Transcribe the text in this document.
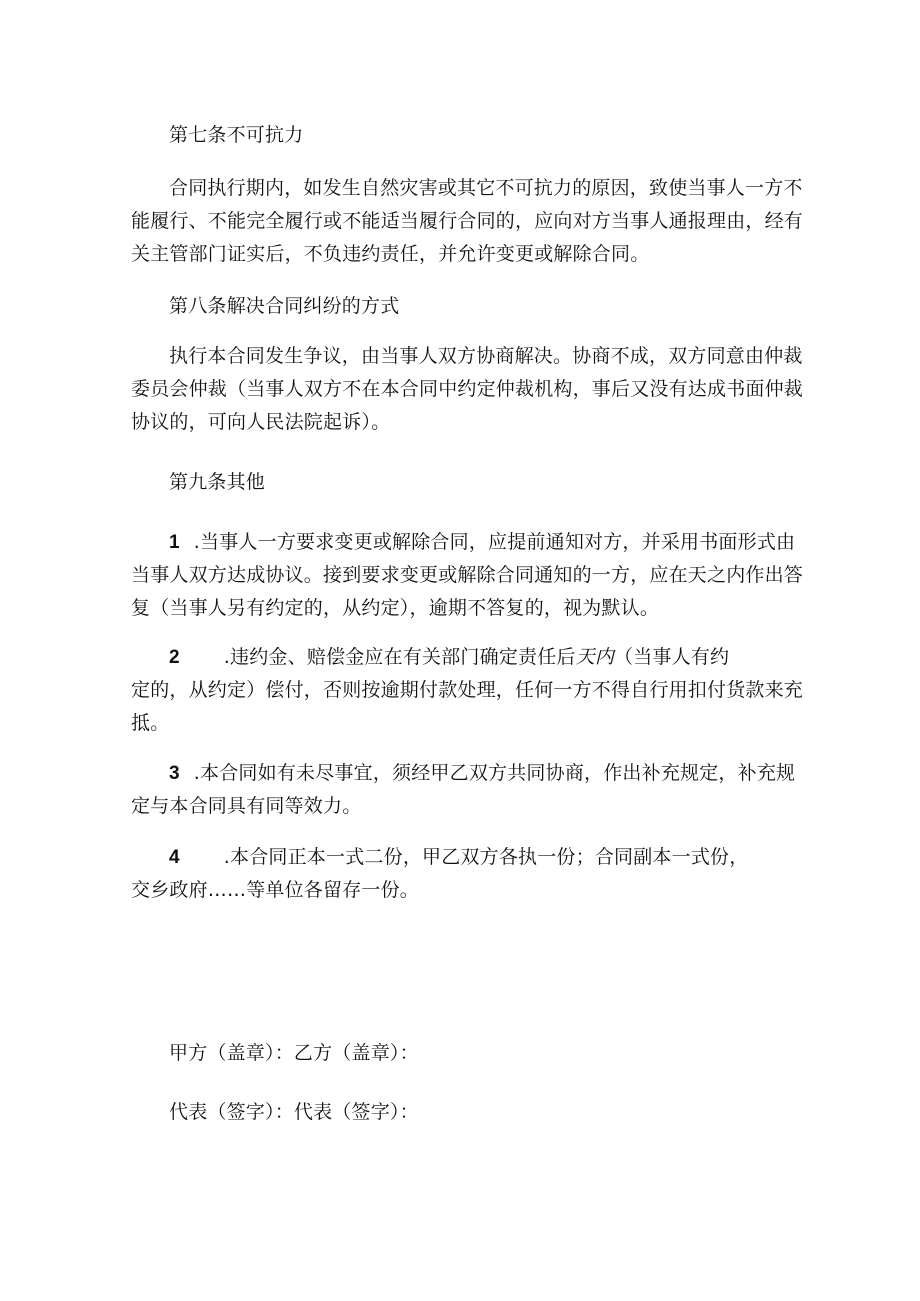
第七条不可抗力
合同执行期内，如发生自然灾害或其它不可抗力的原因，致使当事人一方不
能履行、不能完全履行或不能适当履行合同的，应向对方当事人通报理由，经有
关主管部门证实后，不负违约责任，并允许变更或解除合同。
第八条解决合同纠纷的方式
执行本合同发生争议，由当事人双方协商解决。协商不成，双方同意由仲裁
委员会仲裁（当事人双方不在本合同中约定仲裁机构，事后又没有达成书面仲裁
协议的，可向人民法院起诉）。
第九条其他
1 .当事人一方要求变更或解除合同，应提前通知对方，并采用书面形式由
当事人双方达成协议。接到要求变更或解除合同通知的一方，应在天之内作出答
复（当事人另有约定的，从约定），逾期不答复的，视为默认。
2 .违约金、赔偿金应在有关部门确定责任后天内（当事人有约
定的，从约定）偿付，否则按逾期付款处理，任何一方不得自行用扣付货款来充
抵。
3 .本合同如有未尽事宜，须经甲乙双方共同协商，作出补充规定，补充规
定与本合同具有同等效力。
4 .本合同正本一式二份，甲乙双方各执一份；合同副本一式份，
交乡政府……等单位各留存一份。
甲方（盖章）：乙方（盖章）：
代表（签字）：代表（签字）：
